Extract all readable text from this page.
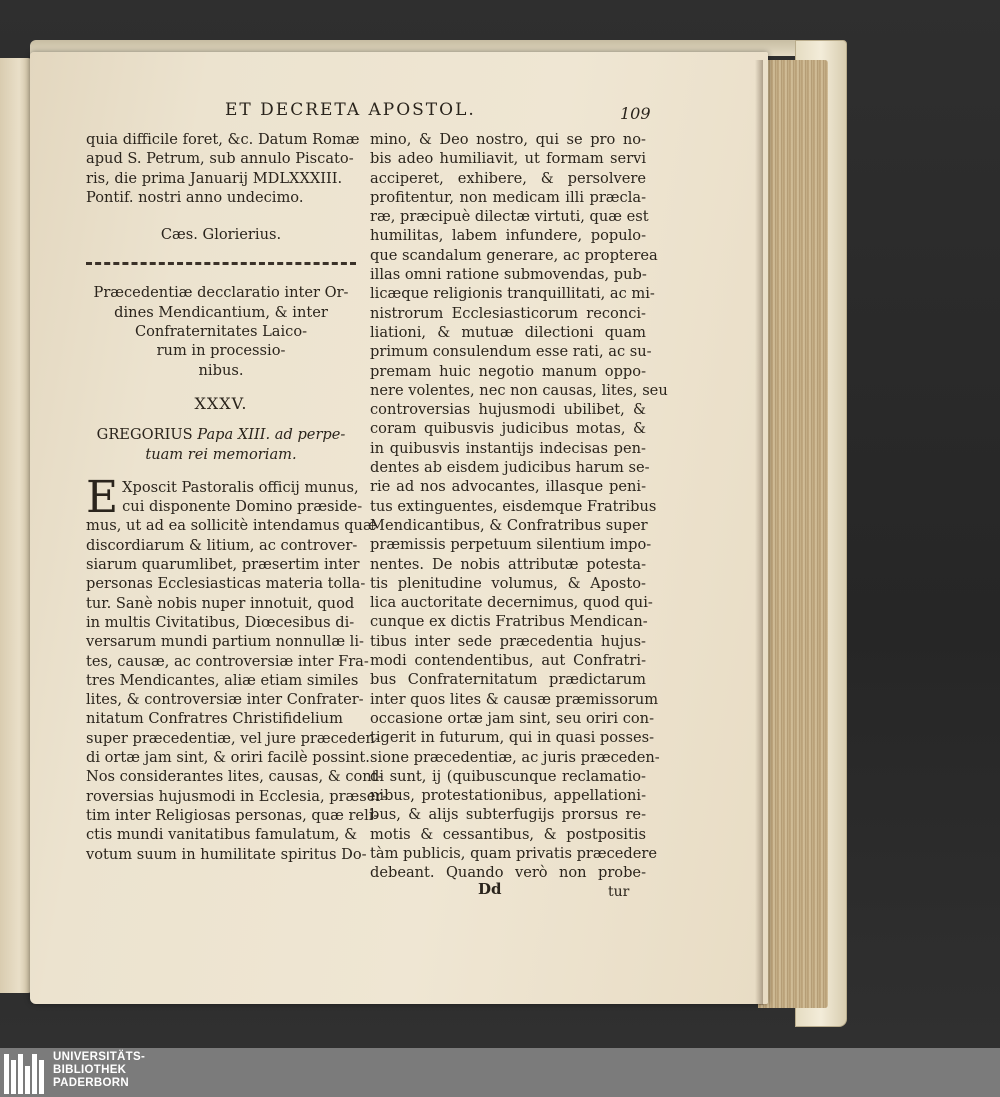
ET DECRETA APOSTOL.	109
quia difficile foret, &c. Datum Romæ
apud S. Petrum, sub annulo Piscato-
ris, die prima Januarij MDLXXXIII.
Pontif. nostri anno undecimo.
Cæs. Glorierius.
Præcedentiæ decclaratio inter Or-
dines Mendicantium, & inter
Confraternitates Laico-
rum in processio-
nibus.
XXXV.
GREGORIUS Papa XIII. ad perpe-
tuam rei memoriam.
E Xposcit Pastoralis officij munus,
cui disponente Domino præside-
mus, ut ad ea sollicitè intendamus quæ
discordiarum & litium, ac controver-
siarum quarumlibet, præsertim inter
personas Ecclesiasticas materia tolla-
tur. Sanè nobis nuper innotuit, quod
in multis Civitatibus, Diœcesibus di-
versarum mundi partium nonnullæ li-
tes, causæ, ac controversiæ inter Fra-
tres Mendicantes, aliæ etiam similes
lites, & controversiæ inter Confrater-
nitatum Confratres Christifidelium
super præcedentiæ, vel jure præceden-
di ortæ jam sint, & oriri facilè possint.
Nos considerantes lites, causas, & cont-
roversias hujusmodi in Ecclesia, præser-
tim inter Religiosas personas, quæ reli-
ctis mundi vanitatibus famulatum, &
votum suum in humilitate spiritus Do-
mino, & Deo nostro, qui se pro no-
bis adeo humiliavit, ut formam servi
acciperet, exhibere, & persolvere
profitentur, non medicam illi præcla-
ræ, præcipuè dilectæ virtuti, quæ est
humilitas, labem infundere, populo-
que scandalum generare, ac propterea
illas omni ratione submovendas, pub-
licæque religionis tranquillitati, ac mi-
nistrorum Ecclesiasticorum reconci-
liationi, & mutuæ dilectioni quam
primum consulendum esse rati, ac su-
premam huic negotio manum oppo-
nere volentes, nec non causas, lites, seu
controversias hujusmodi ubilibet, &
coram quibusvis judicibus motas, &
in quibusvis instantijs indecisas pen-
dentes ab eisdem judicibus harum se-
rie ad nos advocantes, illasque peni-
tus extinguentes, eisdemque Fratribus
Mendicantibus, & Confratribus super
præmissis perpetuum silentium impo-
nentes. De nobis attributæ potesta-
tis plenitudine volumus, & Aposto-
lica auctoritate decernimus, quod qui-
cunque ex dictis Fratribus Mendican-
tibus inter sede præcedentia hujus-
modi contendentibus, aut Confratri-
bus Confraternitatum prædictarum
inter quos lites & causæ præmissorum
occasione ortæ jam sint, seu oriri con-
tigerit in futurum, qui in quasi posses-
sione præcedentiæ, ac juris præceden-
di sunt, ij (quibuscunque reclamatio-
nibus, protestationibus, appellationi-
bus, & alijs subterfugijs prorsus re-
motis & cessantibus, & postpositis
tàm publicis, quam privatis præcedere
debeant. Quando verò non probe-
Dd	tur
UNIVERSITÄTS-
BIBLIOTHEK
PADERBORN
